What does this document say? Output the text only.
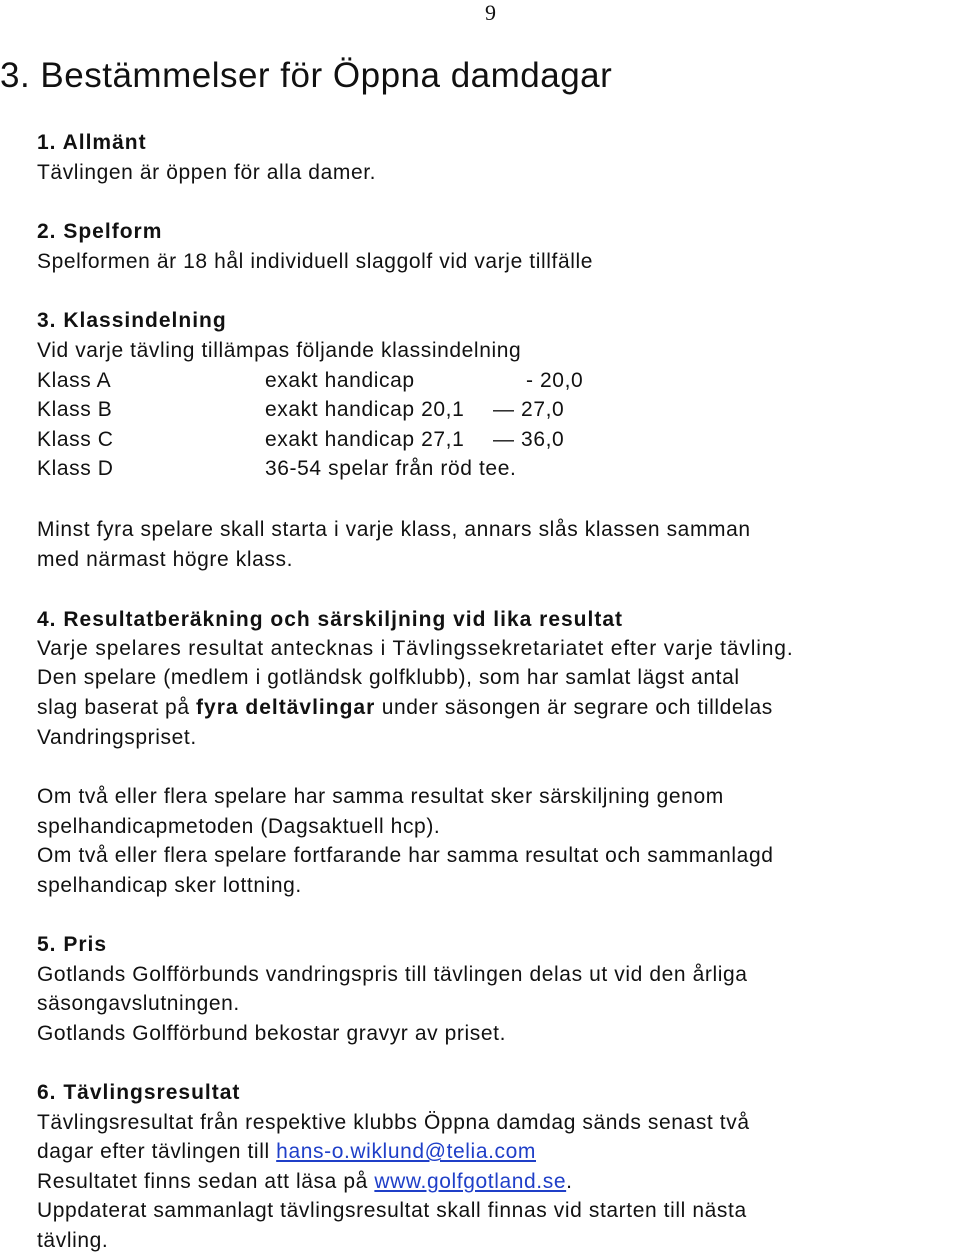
9
3. Bestämmelser för Öppna damdagar
1. Allmänt
Tävlingen är öppen för alla damer.
2. Spelform
Spelformen är 18 hål individuell slaggolf vid varje tillfälle
3. Klassindelning
Vid varje tävling tillämpas följande klassindelning
Klass A	exakt handicap	- 20,0
Klass B	exakt handicap 20,1 — 27,0
Klass C	exakt handicap 27,1 — 36,0
Klass D	36-54 spelar från röd tee.
Minst fyra spelare skall starta i varje klass, annars slås klassen samman
med närmast högre klass.
4. Resultatberäkning och särskiljning vid lika resultat
Varje spelares resultat antecknas i Tävlingssekretariatet efter varje tävling.
Den spelare (medlem i gotländsk golfklubb), som har samlat lägst antal
slag baserat på fyra deltävlingar under säsongen är segrare och tilldelas
Vandringspriset.
Om två eller flera spelare har samma resultat sker särskiljning genom
spelhandicapmetoden (Dagsaktuell hcp).
Om två eller flera spelare fortfarande har samma resultat och sammanlagd
spelhandicap sker lottning.
5. Pris
Gotlands Golfförbunds vandringspris till tävlingen delas ut vid den årliga
säsongavslutningen.
Gotlands Golfförbund bekostar gravyr av priset.
6. Tävlingsresultat
Tävlingsresultat från respektive klubbs Öppna damdag sänds senast två
dagar efter tävlingen till hans-o.wiklund@telia.com
Resultatet finns sedan att läsa på www.golfgotland.se.
Uppdaterat sammanlagt tävlingsresultat skall finnas vid starten till nästa
tävling.
